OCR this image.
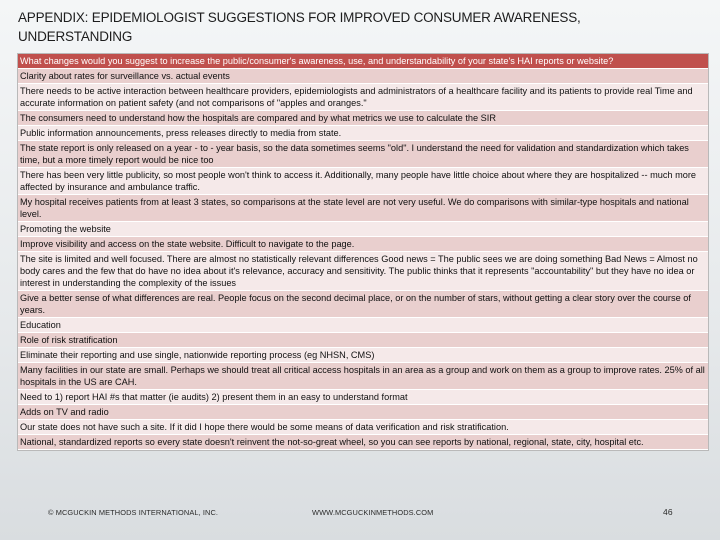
APPENDIX: EPIDEMIOLOGIST SUGGESTIONS FOR IMPROVED CONSUMER AWARENESS, UNDERSTANDING
What changes would you suggest to increase the public/consumer's awareness, use, and understandability of your state's HAI reports or website?
Clarity about rates for surveillance vs. actual events
There needs to be active interaction between healthcare providers, epidemiologists and administrators of a healthcare facility and its patients to provide real Time and accurate information on patient safety (and not comparisons of "apples and oranges."
The consumers need to understand how the hospitals are compared and by what metrics we use to calculate the SIR
Public information announcements, press releases directly to media from state.
The state report is only released on a year - to - year basis, so the data sometimes seems "old". I understand the need for validation and standardization which takes time, but a more timely report would be nice too
There has been very little publicity, so most people won't think to access it. Additionally, many people have little choice about where they are hospitalized -- much more affected by insurance and ambulance traffic.
My hospital receives patients from at least 3 states, so comparisons at the state level are not very useful. We do comparisons with similar-type hospitals and national level.
Promoting the website
Improve visibility and access on the state website. Difficult to navigate to the page.
The site is limited and well focused. There are almost no statistically relevant differences Good news = The public sees we are doing something Bad News = Almost no body cares and the few that do have no idea about it's relevance, accuracy and sensitivity. The public thinks that it represents "accountability" but they have no idea or interest in understanding the complexity of the issues
Give a better sense of what differences are real. People focus on the second decimal place, or on the number of stars, without getting a clear story over the course of years.
Education
Role of risk stratification
Eliminate their reporting and use single, nationwide reporting process (eg NHSN, CMS)
Many facilities in our state are small. Perhaps we should treat all critical access hospitals in an area as a group and work on them as a group to improve rates. 25% of all hospitals in the US are CAH.
Need to 1) report HAI #s that matter (ie audits) 2) present them in an easy to understand format
Adds on TV and radio
Our state does not have such a site. If it did I hope there would be some means of data verification and risk stratification.
National, standardized reports so every state doesn't reinvent the not-so-great wheel, so you can see reports by national, regional, state, city, hospital etc.
© MCGUCKIN METHODS INTERNATIONAL, INC.	WWW.MCGUCKINMETHODS.COM	46
